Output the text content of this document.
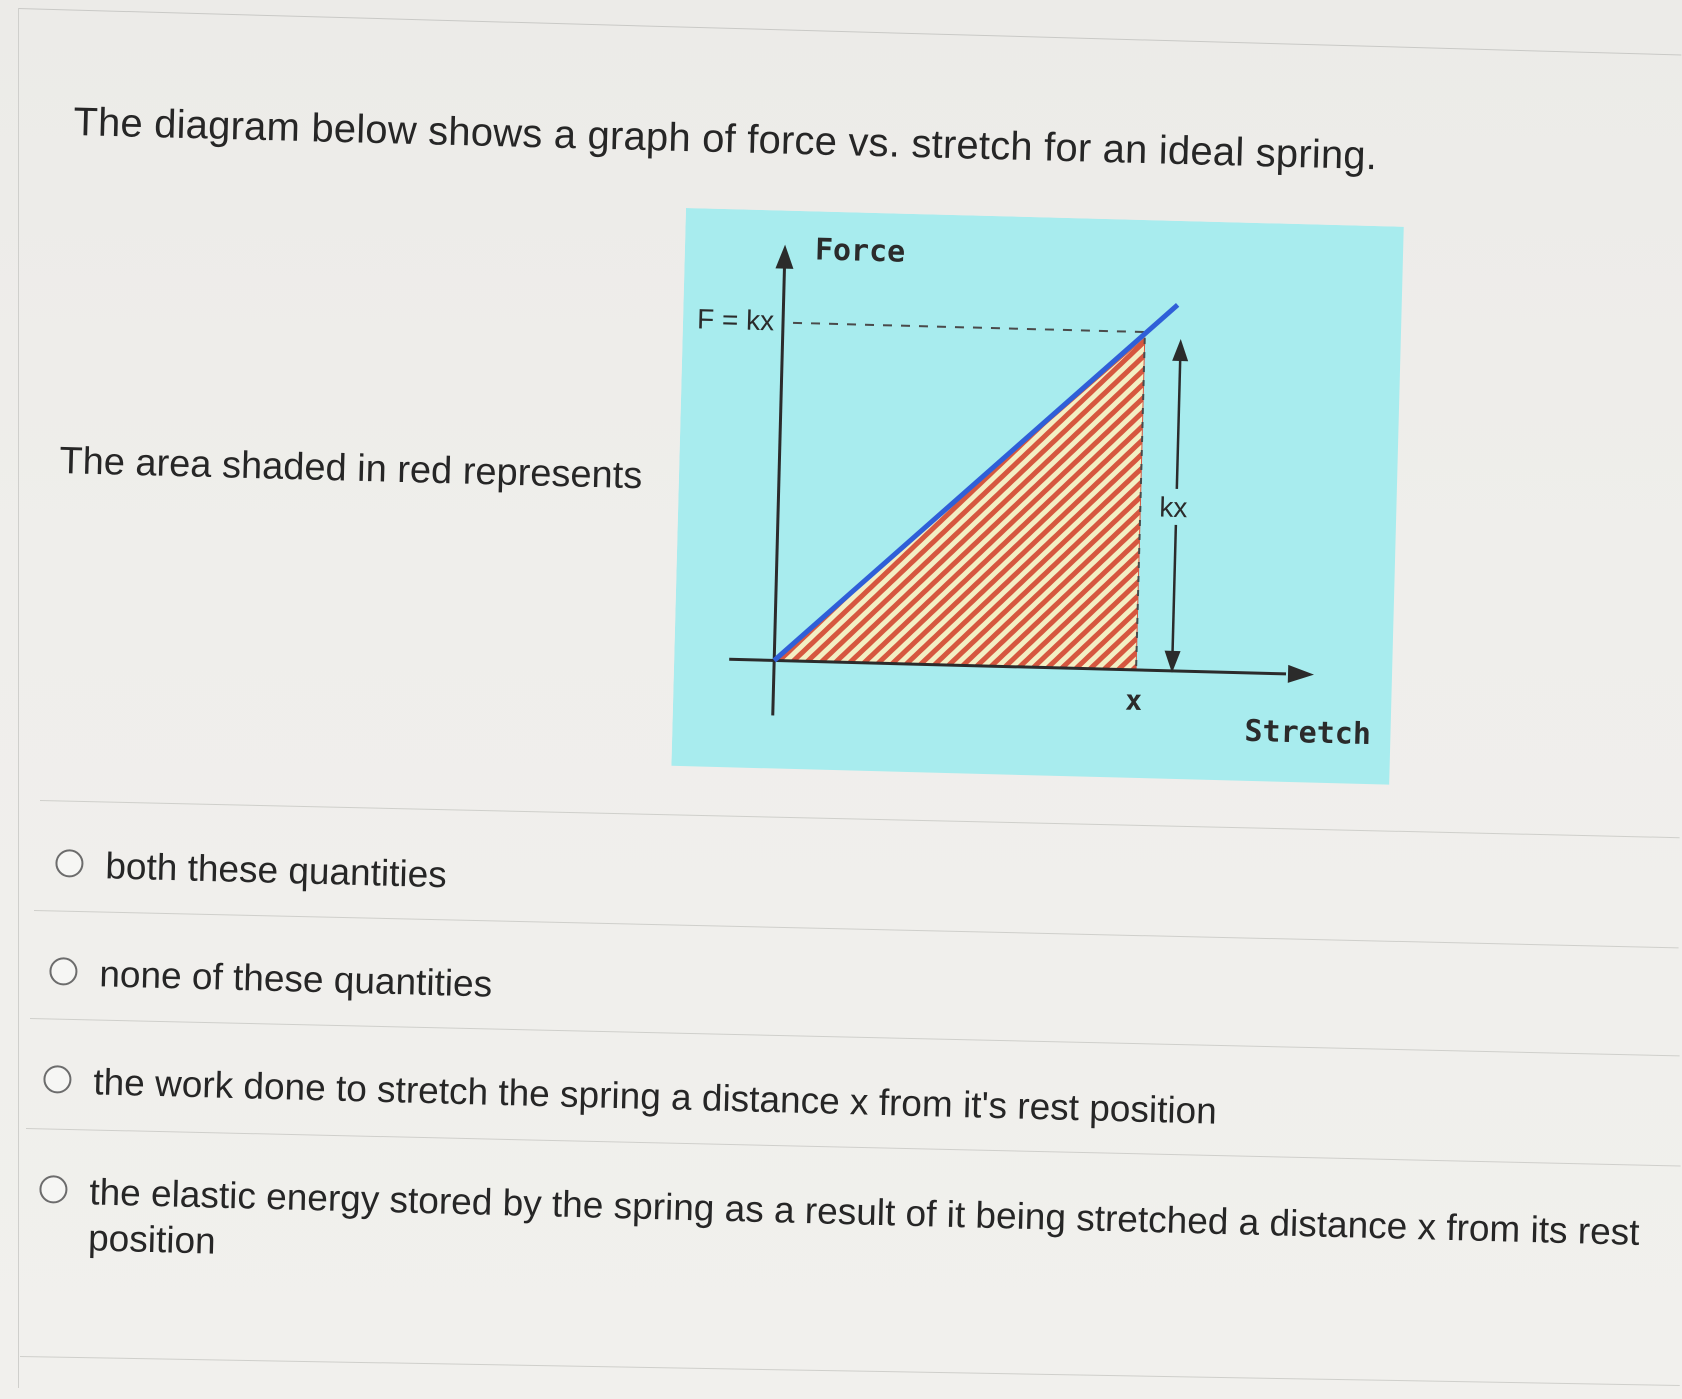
The diagram below shows a graph of force vs. stretch for an ideal spring.
Force
F = kx
kx
x
Stretch
The area shaded in red represents
both these quantities
none of these quantities
the work done to stretch the spring a distance x from it's rest position
the elastic energy stored by the spring as a result of it being stretched a distance x from its rest position
